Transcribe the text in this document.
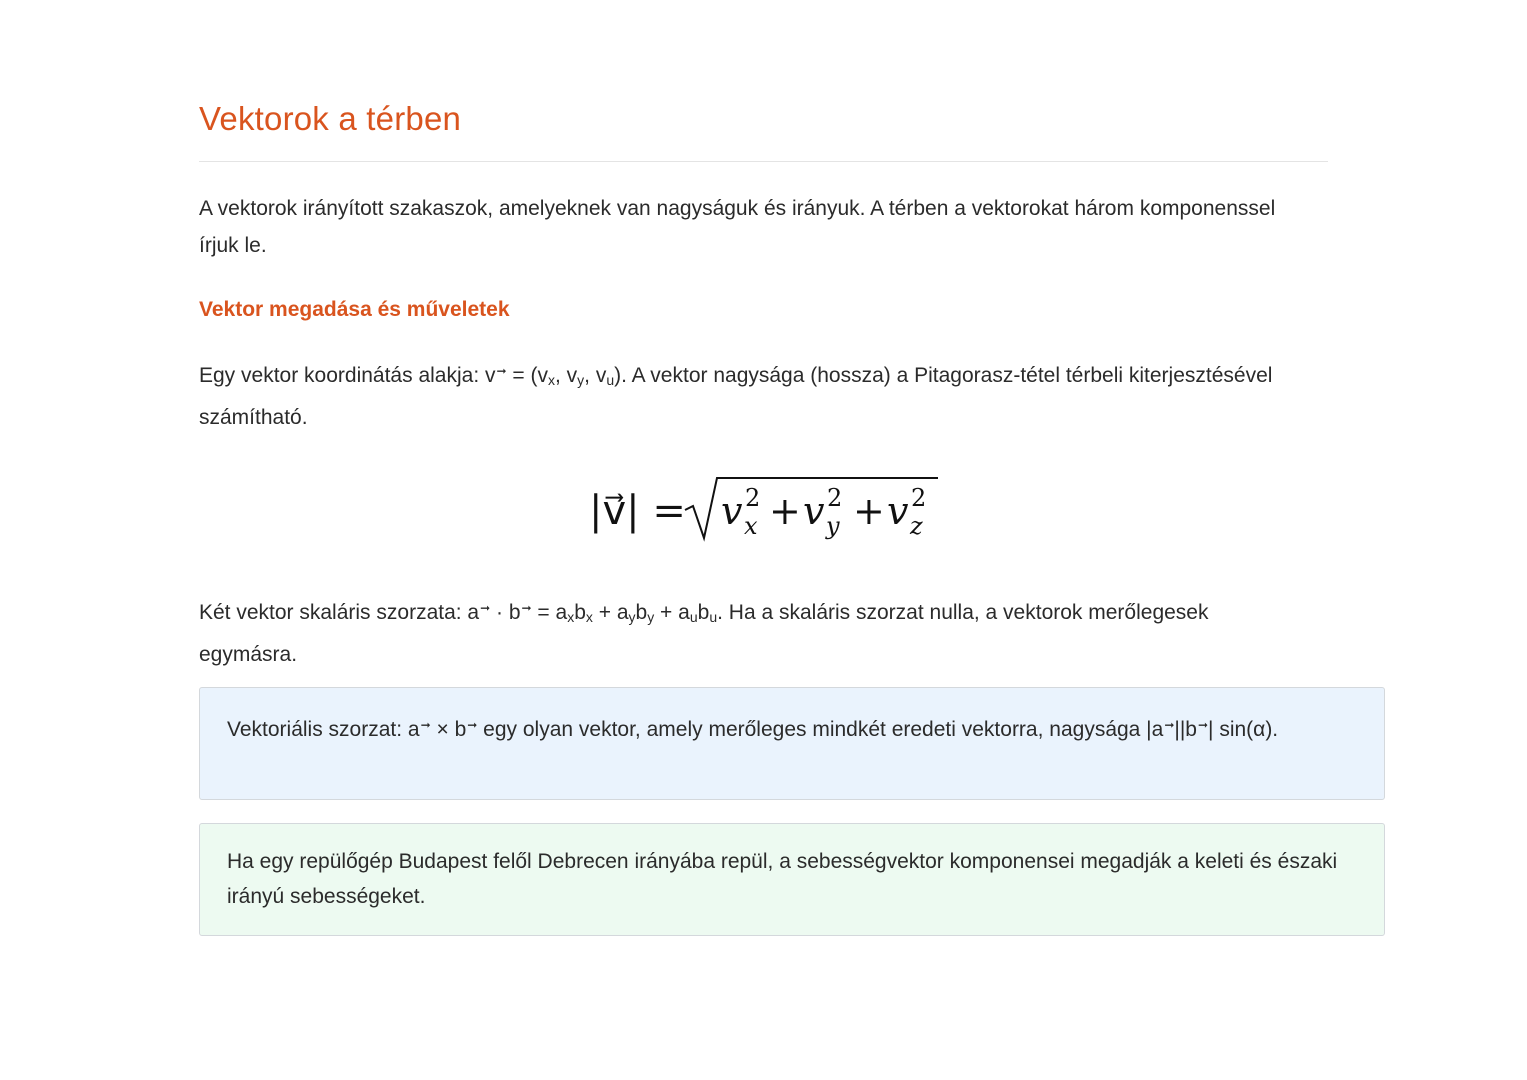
Vektorok a térben

A vektorok irányított szakaszok, amelyeknek van nagyságuk és irányuk. A térben a vektorokat három komponenssel írjuk le.

Vektor megadása és műveletek

Egy vektor koordinátás alakja: $v^➞ = (v_x$, $v_y$, $v_u$). A vektor nagysága (hossza) a Pitagorasz-tétel térbeli kiterjesztésével számítható.

|v⃗| = v 2
x + v 2
y + v 2
z

Két vektor skaláris szorzata: $a^➞ \cdot b^➞ = a_xb_x + a_yb_y + a_ub_u$. Ha a skaláris szorzat nulla, a vektorok merőlegesek egymásra.

Vektoriális szorzat: a➞ × b➞ egy olyan vektor, amely merőleges mindkét eredeti vektorra, nagysága |a➞||b➞| sin(α).
Ha egy repülőgép Budapest felől Debrecen irányába repül, a sebességvektor komponensei megadják a keleti és északi irányú sebességeket.
